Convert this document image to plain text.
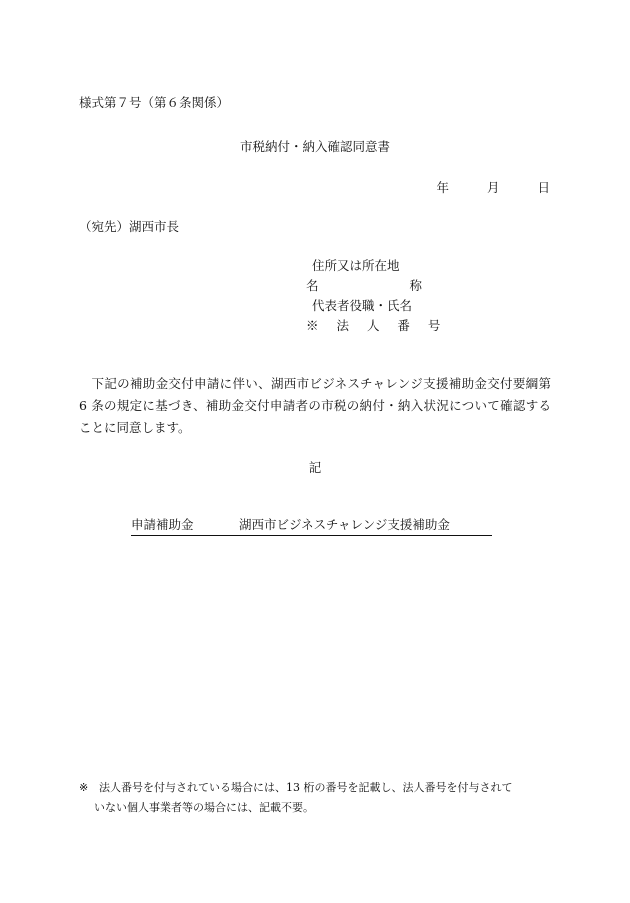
様式第７号（第６条関係）
市税納付・納入確認同意書
年	月	日
（宛先）湖西市長
住所又は所在地
名	称
代表者役職・氏名
※ 法 人 番 号
下記の補助金交付申請に伴い、湖西市ビジネスチャレンジ支援補助金交付要綱第 6 条の規定に基づき、補助金交付申請者の市税の納付・納入状況について確認することに同意します。
記
申請補助金	湖西市ビジネスチャレンジ支援補助金
※ 法人番号を付与されている場合には、13 桁の番号を記載し、法人番号を付与されて
いない個人事業者等の場合には、記載不要。
